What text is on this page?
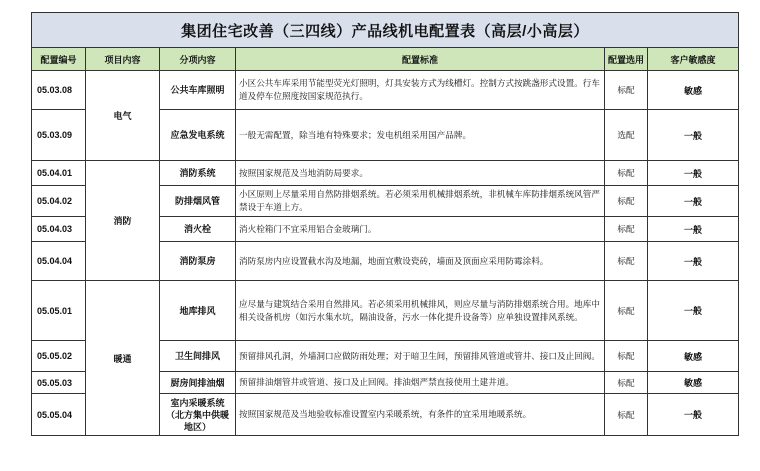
集团住宅改善（三四线）产品线机电配置表（高层/小高层）					
配置编号	项目内容	分项内容	配置标准	配置选用	客户敏感度
05.03.08	电气	公共车库照明	小区公共车库采用节能型荧光灯照明，灯具安装方式为线槽灯。控制方式按跳盏形式设置。行车道及停车位照度按国家规范执行。	标配	敏感
05.03.09		应急发电系统	一般无需配置，除当地有特殊要求；发电机组采用国产品牌。	选配	一般
05.04.01	消防	消防系统	按照国家规范及当地消防局要求。	标配	一般
05.04.02		防排烟风管	小区原则上尽量采用自然防排烟系统。若必须采用机械排烟系统，非机械车库防排烟系统风管严禁设于车道上方。	标配	一般
05.04.03		消火栓	消火栓箱门不宜采用铝合金玻璃门。	标配	一般
05.04.04		消防泵房	消防泵房内应设置截水沟及地漏，地面宜敷设瓷砖，墙面及顶面应采用防霉涂料。	标配	一般
05.05.01	暖通	地库排风	应尽量与建筑结合采用自然排风。若必须采用机械排风，则应尽量与消防排烟系统合用。地库中相关设备机房（如污水集水坑，隔油设备，污水一体化提升设备等）应单独设置排风系统。	标配	一般
05.05.02		卫生间排风	预留排风孔洞，外墙洞口应做防雨处理；对于暗卫生间，预留排风管道或管井、接口及止回阀。	标配	敏感
05.05.03		厨房间排油烟	预留排油烟管井或管道、接口及止回阀。排油烟严禁直接使用土建井道。	标配	敏感
05.05.04		室内采暖系统（北方集中供暖地区）	按照国家规范及当地验收标准设置室内采暖系统，有条件的宜采用地暖系统。	标配	一般
